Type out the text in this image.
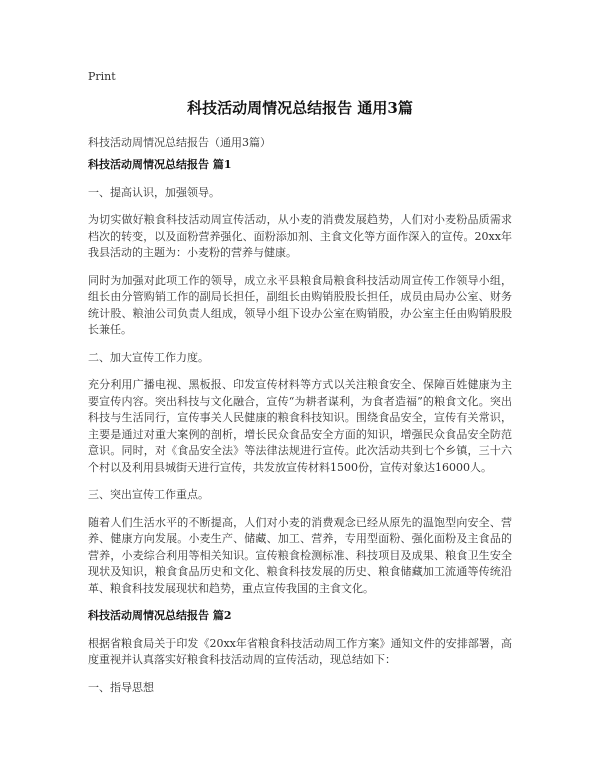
Print
科技活动周情况总结报告 通用3篇
科技活动周情况总结报告（通用3篇）
科技活动周情况总结报告 篇1

一、提高认识，加强领导。

为切实做好粮食科技活动周宣传活动，从小麦的消费发展趋势，人们对小麦粉品质需求档次的转变，以及面粉营养强化、面粉添加剂、主食文化等方面作深入的宣传。20xx年我县活动的主题为：小麦粉的营养与健康。

同时为加强对此项工作的领导，成立永平县粮食局粮食科技活动周宣传工作领导小组，组长由分管购销工作的副局长担任，副组长由购销股股长担任，成员由局办公室、财务统计股、粮油公司负责人组成，领导小组下设办公室在购销股，办公室主任由购销股股长兼任。

二、加大宣传工作力度。

充分利用广播电视、黑板报、印发宣传材料等方式以关注粮食安全、保障百姓健康为主要宣传内容。突出科技与文化融合，宣传“为耕者谋利，为食者造福”的粮食文化。突出科技与生活同行，宣传事关人民健康的粮食科技知识。围绕食品安全，宣传有关常识，主要是通过对重大案例的剖析，增长民众食品安全方面的知识，增强民众食品安全防范意识。同时，对《食品安全法》等法律法规进行宣传。此次活动共到七个乡镇，三十六个村以及利用县城街天进行宣传，共发放宣传材料1500份，宣传对象达16000人。

三、突出宣传工作重点。

随着人们生活水平的不断提高，人们对小麦的消费观念已经从原先的温饱型向安全、营养、健康方向发展。小麦生产、储藏、加工、营养，专用型面粉、强化面粉及主食品的营养，小麦综合利用等相关知识。宣传粮食检测标准、科技项目及成果、粮食卫生安全现状及知识，粮食食品历史和文化、粮食科技发展的历史、粮食储藏加工流通等传统沿革、粮食科技发展现状和趋势，重点宣传我国的主食文化。

科技活动周情况总结报告 篇2

根据省粮食局关于印发《20xx年省粮食科技活动周工作方案》通知文件的安排部署，高度重视并认真落实好粮食科技活动周的宣传活动，现总结如下：

一、指导思想
